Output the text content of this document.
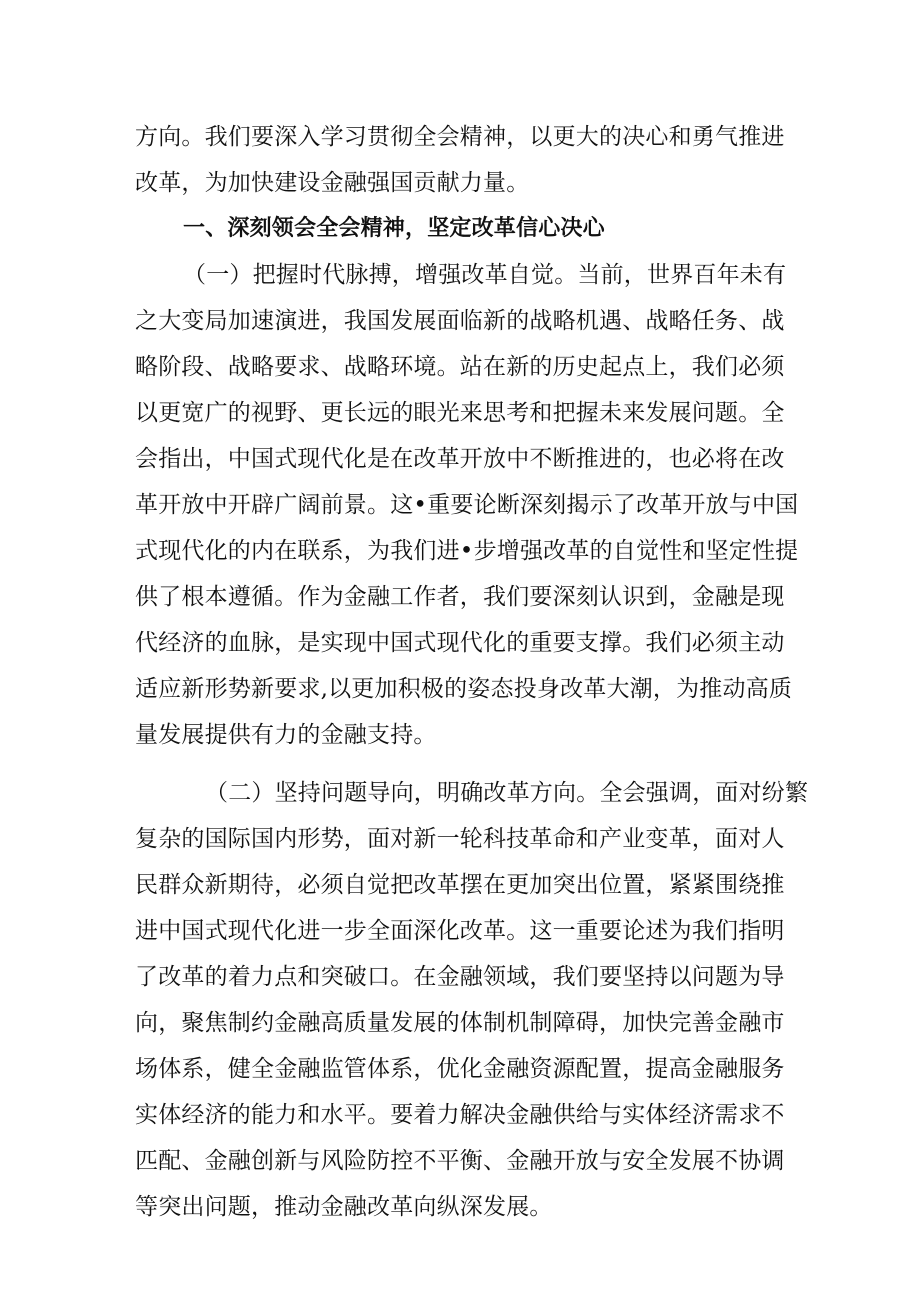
方向。我们要深入学习贯彻全会精神，以更大的决心和勇气推进
改革，为加快建设金融强国贡献力量。
一、深刻领会全会精神，坚定改革信心决心
（一）把握时代脉搏，增强改革自觉。当前，世界百年未有
之大变局加速演进，我国发展面临新的战略机遇、战略任务、战
略阶段、战略要求、战略环境。站在新的历史起点上，我们必须
以更宽广的视野、更长远的眼光来思考和把握未来发展问题。全
会指出，中国式现代化是在改革开放中不断推进的，也必将在改
革开放中开辟广阔前景。这•重要论断深刻揭示了改革开放与中国
式现代化的内在联系，为我们进•步增强改革的自觉性和坚定性提
供了根本遵循。作为金融工作者，我们要深刻认识到，金融是现
代经济的血脉，是实现中国式现代化的重要支撑。我们必须主动
适应新形势新要求,以更加积极的姿态投身改革大潮，为推动高质
量发展提供有力的金融支持。
（二）坚持问题导向，明确改革方向。全会强调，面对纷繁
复杂的国际国内形势，面对新一轮科技革命和产业变革，面对人
民群众新期待，必须自觉把改革摆在更加突出位置，紧紧围绕推
进中国式现代化进一步全面深化改革。这一重要论述为我们指明
了改革的着力点和突破口。在金融领域，我们要坚持以问题为导
向，聚焦制约金融高质量发展的体制机制障碍，加快完善金融市
场体系，健全金融监管体系，优化金融资源配置，提高金融服务
实体经济的能力和水平。要着力解决金融供给与实体经济需求不
匹配、金融创新与风险防控不平衡、金融开放与安全发展不协调
等突出问题，推动金融改革向纵深发展。
